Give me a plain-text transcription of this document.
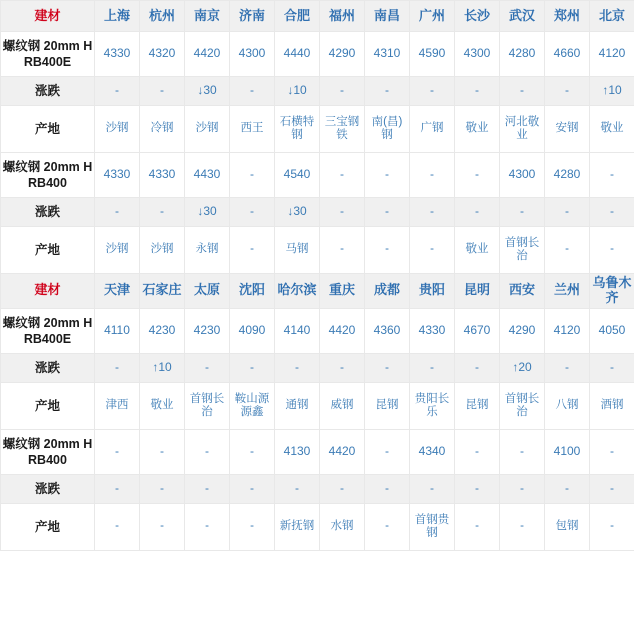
建材	上海	杭州	南京	济南	合肥	福州	南昌	广州	长沙	武汉	郑州	北京
螺纹钢 20mm HRB400E	4330	4320	4420	4300	4440	4290	4310	4590	4300	4280	4660	4120
涨跌	-	-	↓30	-	↓10	-	-	-	-	-	-	↑10
产地	沙钢	冷钢	沙钢	西王	石横特钢	三宝钢铁	南(昌)钢	广钢	敬业	河北敬业	安钢	敬业
螺纹钢 20mm HRB400	4330	4330	4430	-	4540	-	-	-	-	4300	4280	-
涨跌	-	-	↓30	-	↓30	-	-	-	-	-	-	-
产地	沙钢	沙钢	永钢	-	马钢	-	-	-	敬业	首钢长治	-	-
建材	天津	石家庄	太原	沈阳	哈尔滨	重庆	成都	贵阳	昆明	西安	兰州	乌鲁木齐
螺纹钢 20mm HRB400E	4110	4230	4230	4090	4140	4420	4360	4330	4670	4290	4120	4050
涨跌	-	↑10	-	-	-	-	-	-	-	↑20	-	-
产地	津西	敬业	首钢长治	鞍山源源鑫	通钢	威钢	昆钢	贵阳长乐	昆钢	首钢长治	八钢	酒钢
螺纹钢 20mm HRB400	-	-	-	-	4130	4420	-	4340	-	-	4100	-
涨跌	-	-	-	-	-	-	-	-	-	-	-	-
产地	-	-	-	-	新抚钢	水钢	-	首钢贵钢	-	-	包钢	-
